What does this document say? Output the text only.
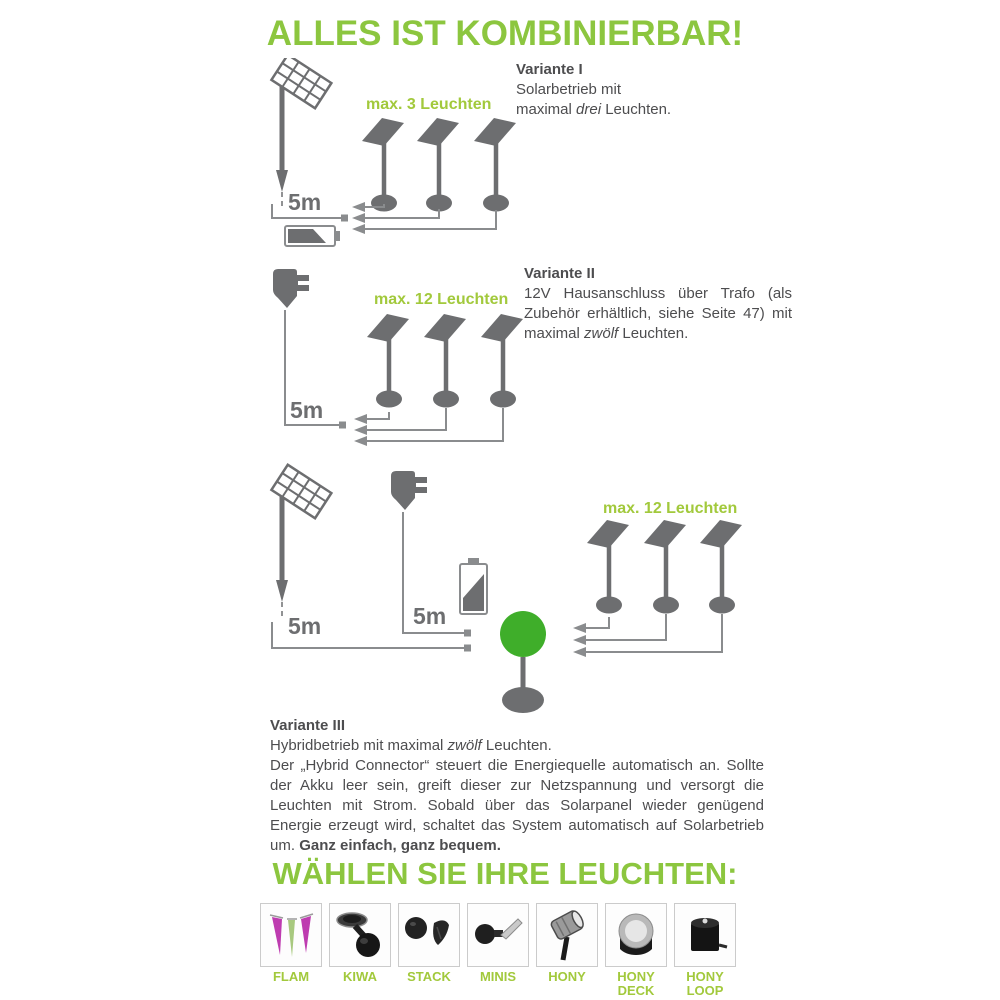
ALLES IST KOMBINIERBAR!
5m
max. 3 Leuchten
Variante I
Solarbetrieb mit
maximal drei Leuchten.
5m
max. 12 Leuchten
Variante II
12V Hausanschluss über Trafo (als Zubehör erhältlich, siehe Seite 47) mit maximal zwölf Leuchten.
5m	5m
max. 12 Leuchten
Variante III
Hybridbetrieb mit maximal zwölf Leuchten.
Der „Hybrid Connector“ steuert die Energiequelle automatisch an. Sollte der Akku leer sein, greift dieser zur Netzspannung und versorgt die Leuchten mit Strom. Sobald über das Solarpanel wieder genügend Energie erzeugt wird, schaltet das System automatisch auf Solarbetrieb um. Ganz einfach, ganz bequem.
WÄHLEN SIE IHRE LEUCHTEN:
FLAM	KIWA STACK MINIS HONY	HONY DECK
HONY LOOP
